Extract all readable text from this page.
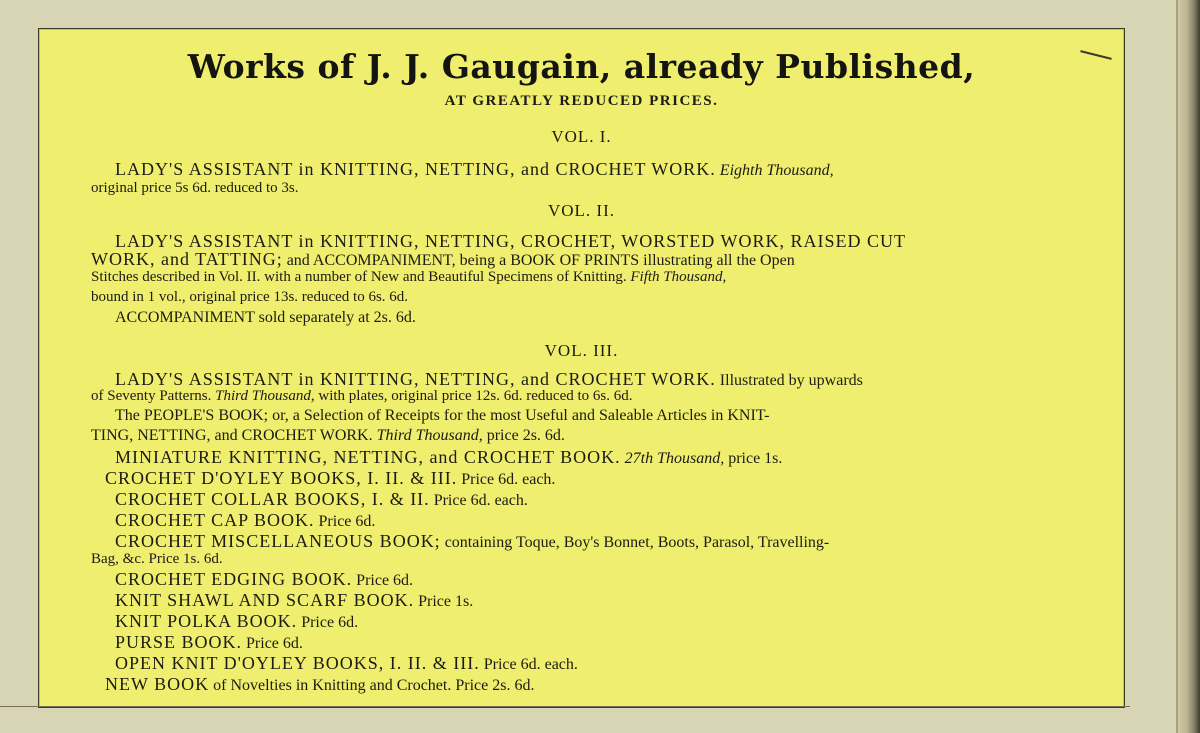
Works of J. J. Gaugain, already Published,
AT GREATLY REDUCED PRICES.
VOL. I.
LADY'S ASSISTANT in KNITTING, NETTING, and CROCHET WORK. Eighth Thousand,
original price 5s 6d. reduced to 3s.
VOL. II.
LADY'S ASSISTANT in KNITTING, NETTING, CROCHET, WORSTED WORK, RAISED CUT
WORK, and TATTING; and ACCOMPANIMENT, being a BOOK OF PRINTS illustrating all the Open
Stitches described in Vol. II. with a number of New and Beautiful Specimens of Knitting. Fifth Thousand,
bound in 1 vol., original price 13s. reduced to 6s. 6d.
ACCOMPANIMENT sold separately at 2s. 6d.
VOL. III.
LADY'S ASSISTANT in KNITTING, NETTING, and CROCHET WORK. Illustrated by upwards
of Seventy Patterns. Third Thousand, with plates, original price 12s. 6d. reduced to 6s. 6d.
The PEOPLE'S BOOK; or, a Selection of Receipts for the most Useful and Saleable Articles in KNIT-
TING, NETTING, and CROCHET WORK. Third Thousand, price 2s. 6d.
MINIATURE KNITTING, NETTING, and CROCHET BOOK. 27th Thousand, price 1s.
CROCHET D'OYLEY BOOKS, I. II. & III. Price 6d. each.
CROCHET COLLAR BOOKS, I. & II. Price 6d. each.
CROCHET CAP BOOK. Price 6d.
CROCHET MISCELLANEOUS BOOK; containing Toque, Boy's Bonnet, Boots, Parasol, Travelling-
Bag, &c. Price 1s. 6d.
CROCHET EDGING BOOK. Price 6d.
KNIT SHAWL AND SCARF BOOK. Price 1s.
KNIT POLKA BOOK. Price 6d.
PURSE BOOK. Price 6d.
OPEN KNIT D'OYLEY BOOKS, I. II. & III. Price 6d. each.
NEW BOOK of Novelties in Knitting and Crochet. Price 2s. 6d.
